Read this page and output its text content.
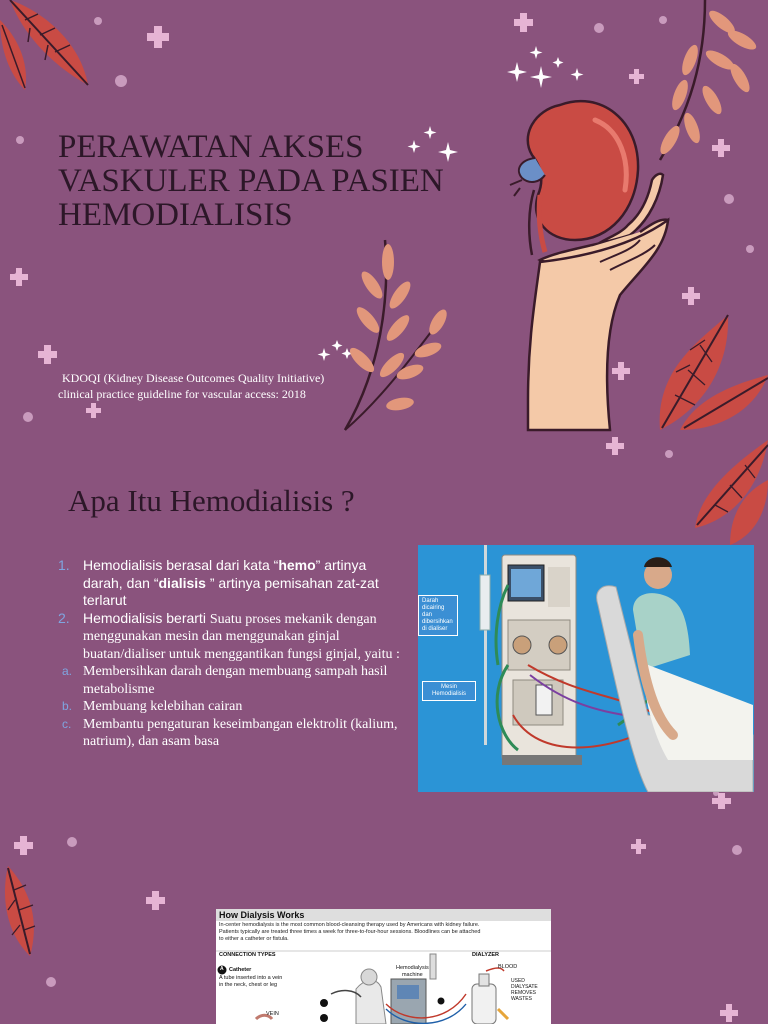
PERAWATAN AKSES
VASKULER PADA PASIEN
HEMODIALISIS
KDOQI (Kidney Disease Outcomes Quality Initiative)
clinical practice guideline for vascular access: 2018
Apa Itu Hemodialisis ?
1. Hemodialisis berasal dari kata “hemo” artinya darah, dan “dialisis ” artinya pemisahan zat-zat terlarut
2. Hemodialisis berarti Suatu proses mekanik dengan menggunakan mesin dan menggunakan ginjal buatan/dialiser untuk menggantikan fungsi ginjal, yaitu :
a. Membersihkan darah dengan membuang sampah hasil metabolisme
b. Membuang kelebihan cairan
c. Membantu pengaturan keseimbangan elektrolit (kalium, natrium), dan asam basa
Darah dicairing
dan dibersihkan
di dialiser
Mesin
Hemodialisis
How Dialysis Works
In-center hemodialysis is the most common blood-cleansing therapy used by Americans with kidney failure.
Patients typically are treated three times a week for three-to-four-hour sessions. Bloodlines can be attached
to either a catheter or fistula.
CONNECTION TYPES
A Catheter
A tube inserted into a vein
in the neck, chest or leg
VEIN
Hemodialysis
machine
DIALYZER
BLOOD
USED
DIALYSATE
REMOVES
WASTES
